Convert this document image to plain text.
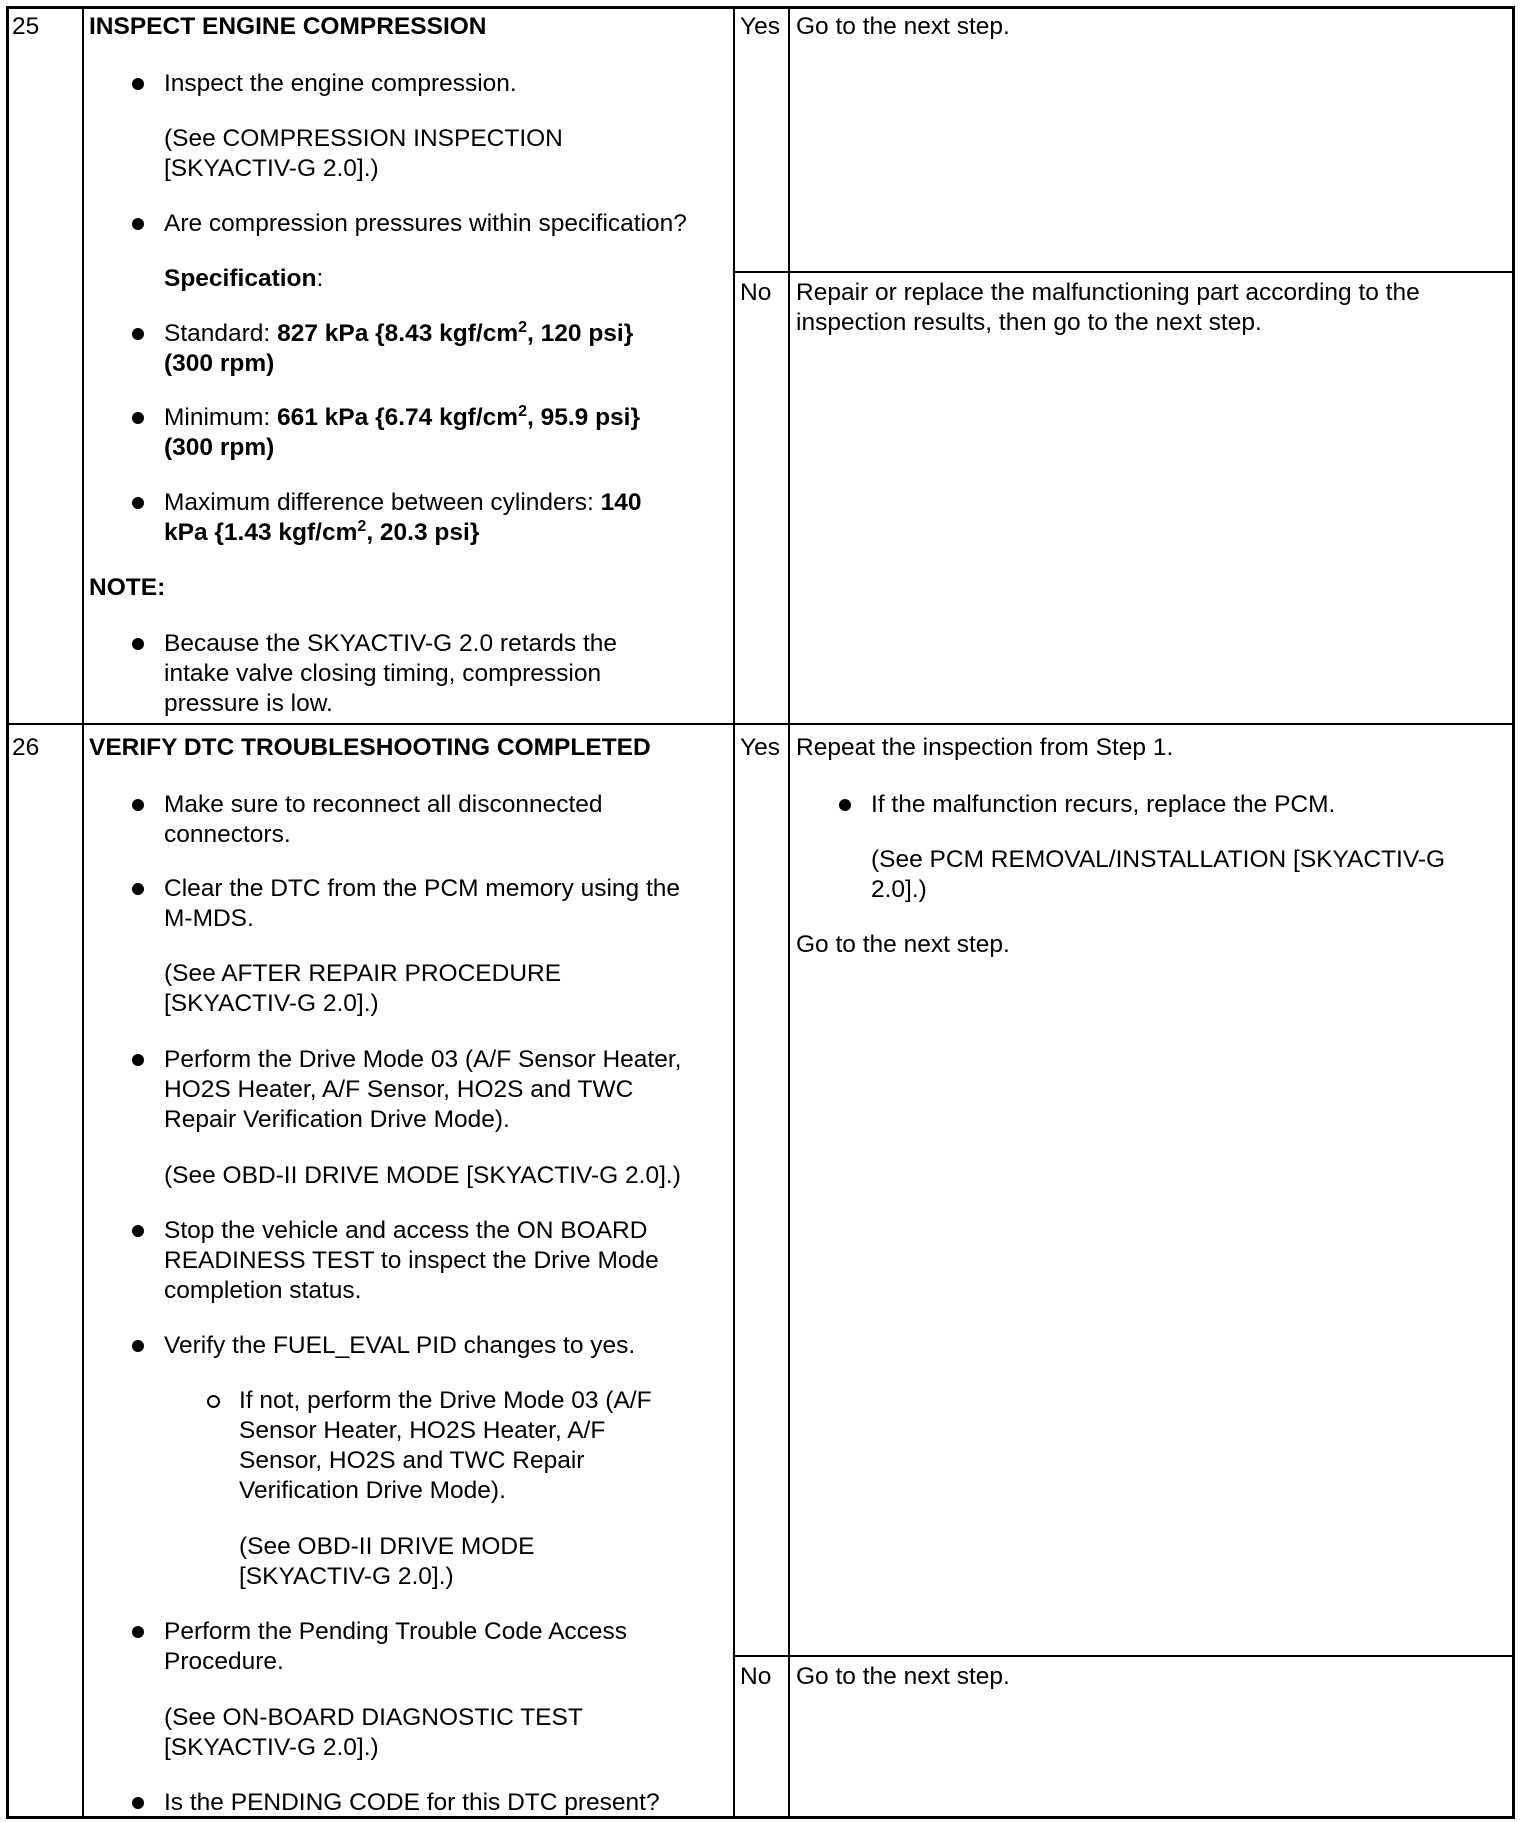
25 INSPECT ENGINE COMPRESSION
Inspect the engine compression.
(See COMPRESSION INSPECTION
[SKYACTIV-G 2.0].)
Are compression pressures within specification?
Specification:
Standard: 827 kPa {8.43 kgf/$cm^2$, 120 psi}
(300 rpm)
Minimum: 661 kPa {6.74 kgf/$cm^2$, 95.9 psi}
(300 rpm)
Maximum difference between cylinders: 140
kPa {1.43 kgf/$cm^2$, 20.3 psi}
NOTE:
Because the SKYACTIV-G 2.0 retards the
intake valve closing timing, compression
pressure is low.
Yes Go to the next step.
No Repair or replace the malfunctioning part according to the
inspection results, then go to the next step.
26 VERIFY DTC TROUBLESHOOTING COMPLETED
Make sure to reconnect all disconnected
connectors.
Clear the DTC from the PCM memory using the
M-MDS.
(See AFTER REPAIR PROCEDURE
[SKYACTIV-G 2.0].)
Perform the Drive Mode 03 (A/F Sensor Heater,
HO2S Heater, A/F Sensor, HO2S and TWC
Repair Verification Drive Mode).
(See OBD-II DRIVE MODE [SKYACTIV-G 2.0].)
Stop the vehicle and access the ON BOARD
READINESS TEST to inspect the Drive Mode
completion status.
Verify the FUEL_EVAL PID changes to yes.
If not, perform the Drive Mode 03 (A/F
Sensor Heater, HO2S Heater, A/F
Sensor, HO2S and TWC Repair
Verification Drive Mode).
(See OBD-II DRIVE MODE
[SKYACTIV-G 2.0].)
Perform the Pending Trouble Code Access
Procedure.
(See ON-BOARD DIAGNOSTIC TEST
[SKYACTIV-G 2.0].)
Is the PENDING CODE for this DTC present?
Yes Repeat the inspection from Step 1.
If the malfunction recurs, replace the PCM.
(See PCM REMOVAL/INSTALLATION [SKYACTIV-G
2.0].)
Go to the next step.
No Go to the next step.
